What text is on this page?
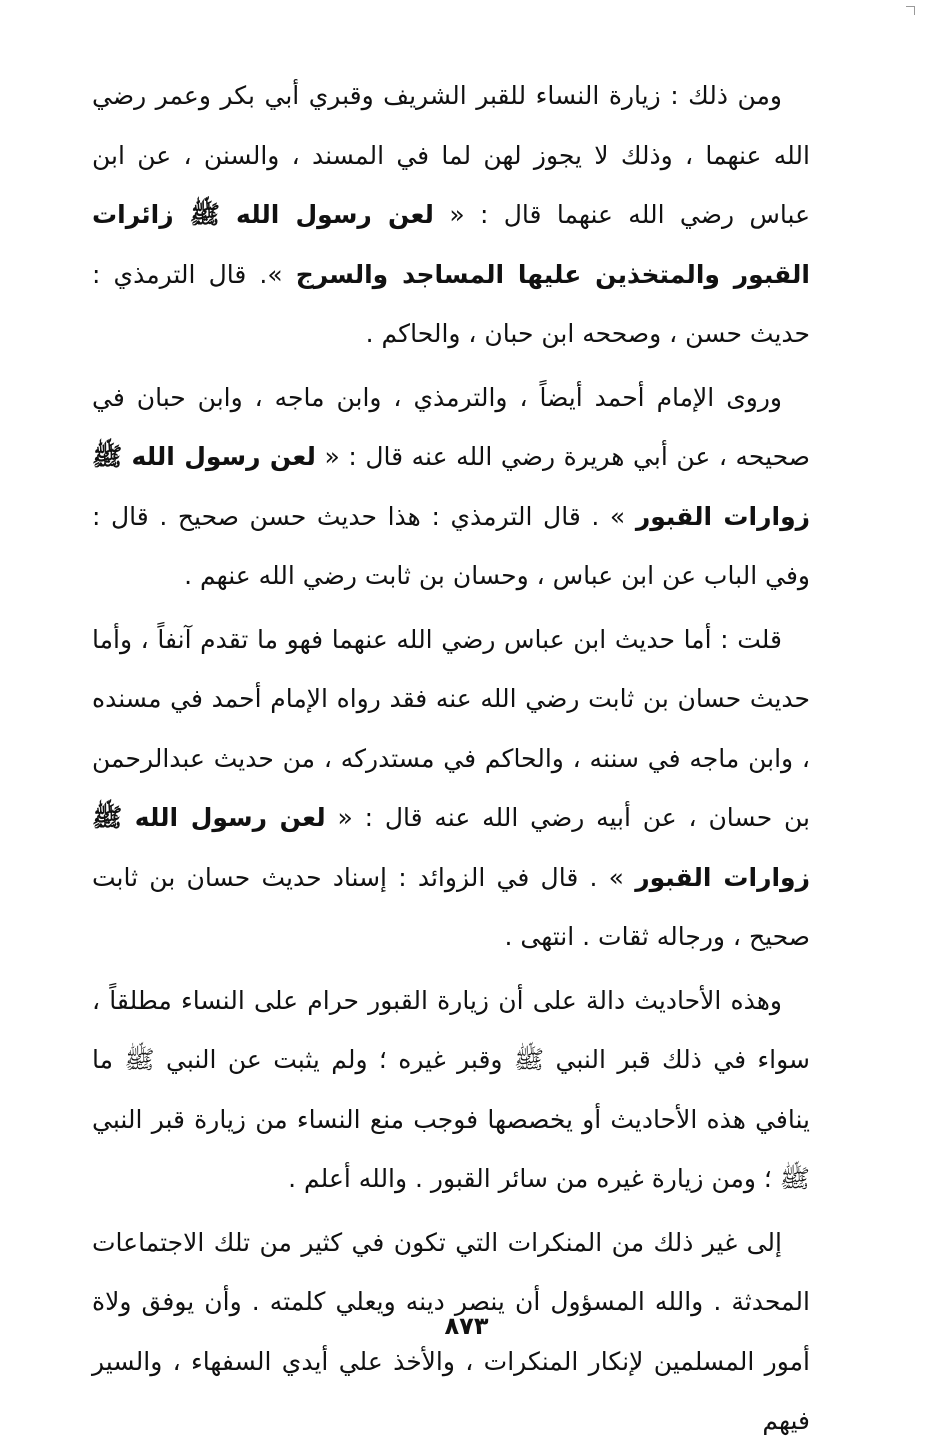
ومن ذلك : زيارة النساء للقبر الشريف وقبري أبي بكر وعمر رضي الله عنهما ، وذلك لا يجوز لهن لما في المسند ، والسنن ، عن ابن عباس رضي الله عنهما قال : « لعن رسول الله ﷺ زائرات القبور والمتخذين عليها المساجد والسرج ». قال الترمذي : حديث حسن ، وصححه ابن حبان ، والحاكم .

وروى الإمام أحمد أيضاً ، والترمذي ، وابن ماجه ، وابن حبان في صحيحه ، عن أبي هريرة رضي الله عنه قال : « لعن رسول الله ﷺ زوارات القبور » . قال الترمذي : هذا حديث حسن صحيح . قال : وفي الباب عن ابن عباس ، وحسان بن ثابت رضي الله عنهم .

قلت : أما حديث ابن عباس رضي الله عنهما فهو ما تقدم آنفاً ، وأما حديث حسان بن ثابت رضي الله عنه فقد رواه الإمام أحمد في مسنده ، وابن ماجه في سننه ، والحاكم في مستدركه ، من حديث عبدالرحمن بن حسان ، عن أبيه رضي الله عنه قال : « لعن رسول الله ﷺ زوارات القبور » . قال في الزوائد : إسناد حديث حسان بن ثابت صحيح ، ورجاله ثقات . انتهى .

وهذه الأحاديث دالة على أن زيارة القبور حرام على النساء مطلقاً ، سواء في ذلك قبر النبي ﷺ وقبر غيره ؛ ولم يثبت عن النبي ﷺ ما ينافي هذه الأحاديث أو يخصصها فوجب منع النساء من زيارة قبر النبي ﷺ ؛ ومن زيارة غيره من سائر القبور . والله أعلم .

إلى غير ذلك من المنكرات التي تكون في كثير من تلك الاجتماعات المحدثة . والله المسؤول أن ينصر دينه ويعلي كلمته . وأن يوفق ولاة أمور المسلمين لإنكار المنكرات ، والأخذ علي أيدي السفهاء ، والسير فيهم

٨٧٣
